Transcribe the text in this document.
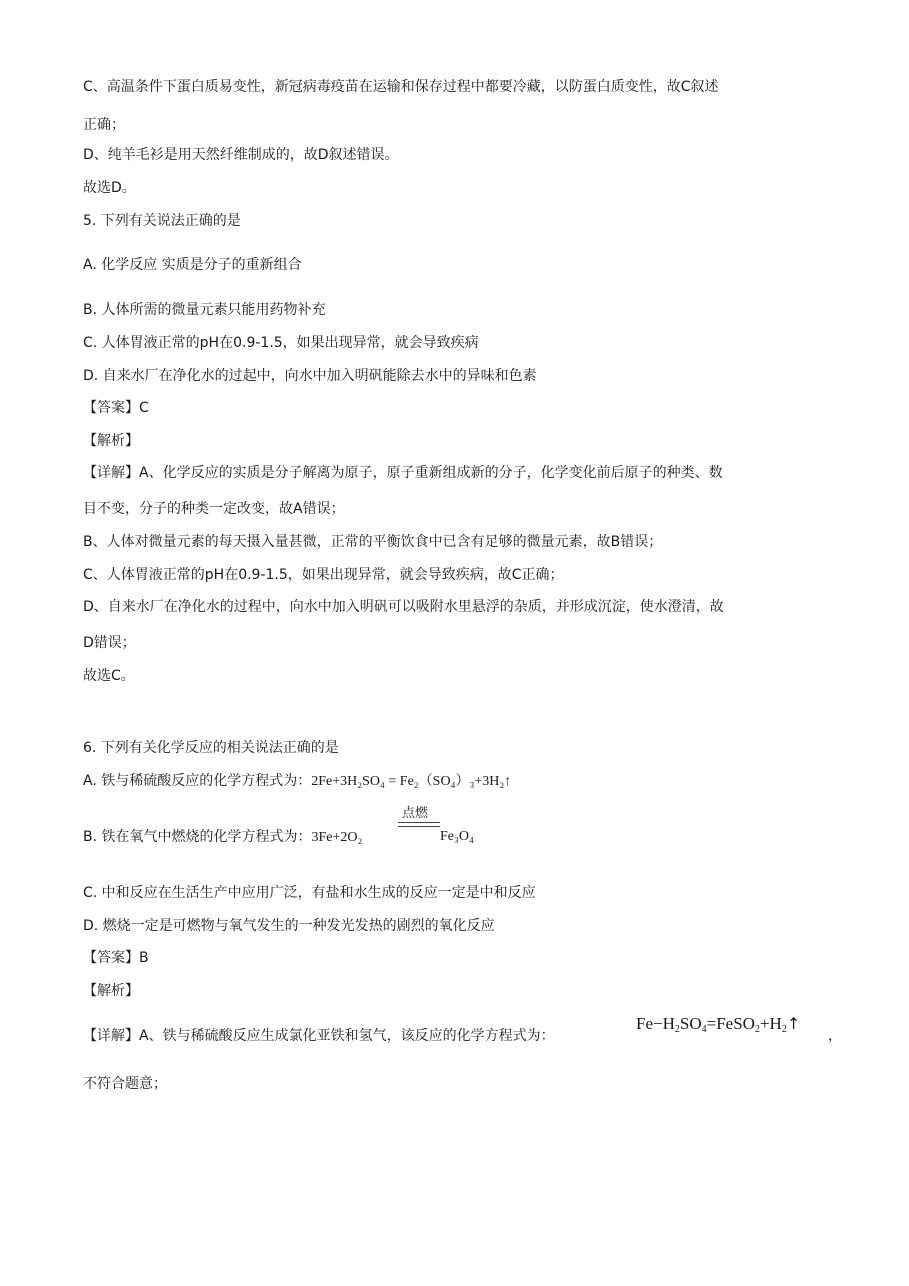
C、高温条件下蛋白质易变性，新冠病毒疫苗在运输和保存过程中都要冷藏，以防蛋白质变性，故C叙述
正确；
D、纯羊毛衫是用天然纤维制成的，故D叙述错误。
故选D。
5. 下列有关说法正确的是
A. 化学反应 实质是分子的重新组合
B. 人体所需的微量元素只能用药物补充
C. 人体胃液正常的pH在0.9-1.5，如果出现异常，就会导致疾病
D. 自来水厂在净化水的过起中，向水中加入明矾能除去水中的异味和色素
【答案】C
【解析】
【详解】A、化学反应的实质是分子解离为原子，原子重新组成新的分子，化学变化前后原子的种类、数
目不变，分子的种类一定改变，故A错误；
B、人体对微量元素的每天摄入量甚微，正常的平衡饮食中已含有足够的微量元素，故B错误；
C、人体胃液正常的pH在0.9-1.5，如果出现异常，就会导致疾病，故C正确；
D、自来水厂在净化水的过程中，向水中加入明矾可以吸附水里悬浮的杂质，并形成沉淀，使水澄清，故
D错误；
故选C。
6. 下列有关化学反应的相关说法正确的是
A. 铁与稀硫酸反应的化学方程式为：2Fe+3H₂SO₄ = Fe₂（SO₄）₃+3H₂↑
B. 铁在氧气中燃烧的化学方程式为：3Fe+2O₂
点燃
Fe₃O₄
C. 中和反应在生活生产中应用广泛，有盐和水生成的反应一定是中和反应
D. 燃烧一定是可燃物与氧气发生的一种发光发热的剧烈的氧化反应
【答案】B
【解析】
【详解】A、铁与稀硫酸反应生成氯化亚铁和氢气，该反应的化学方程式为：
$Fe-H_2SO_4=FeSO_2+H_2↑$
，
不符合题意；
